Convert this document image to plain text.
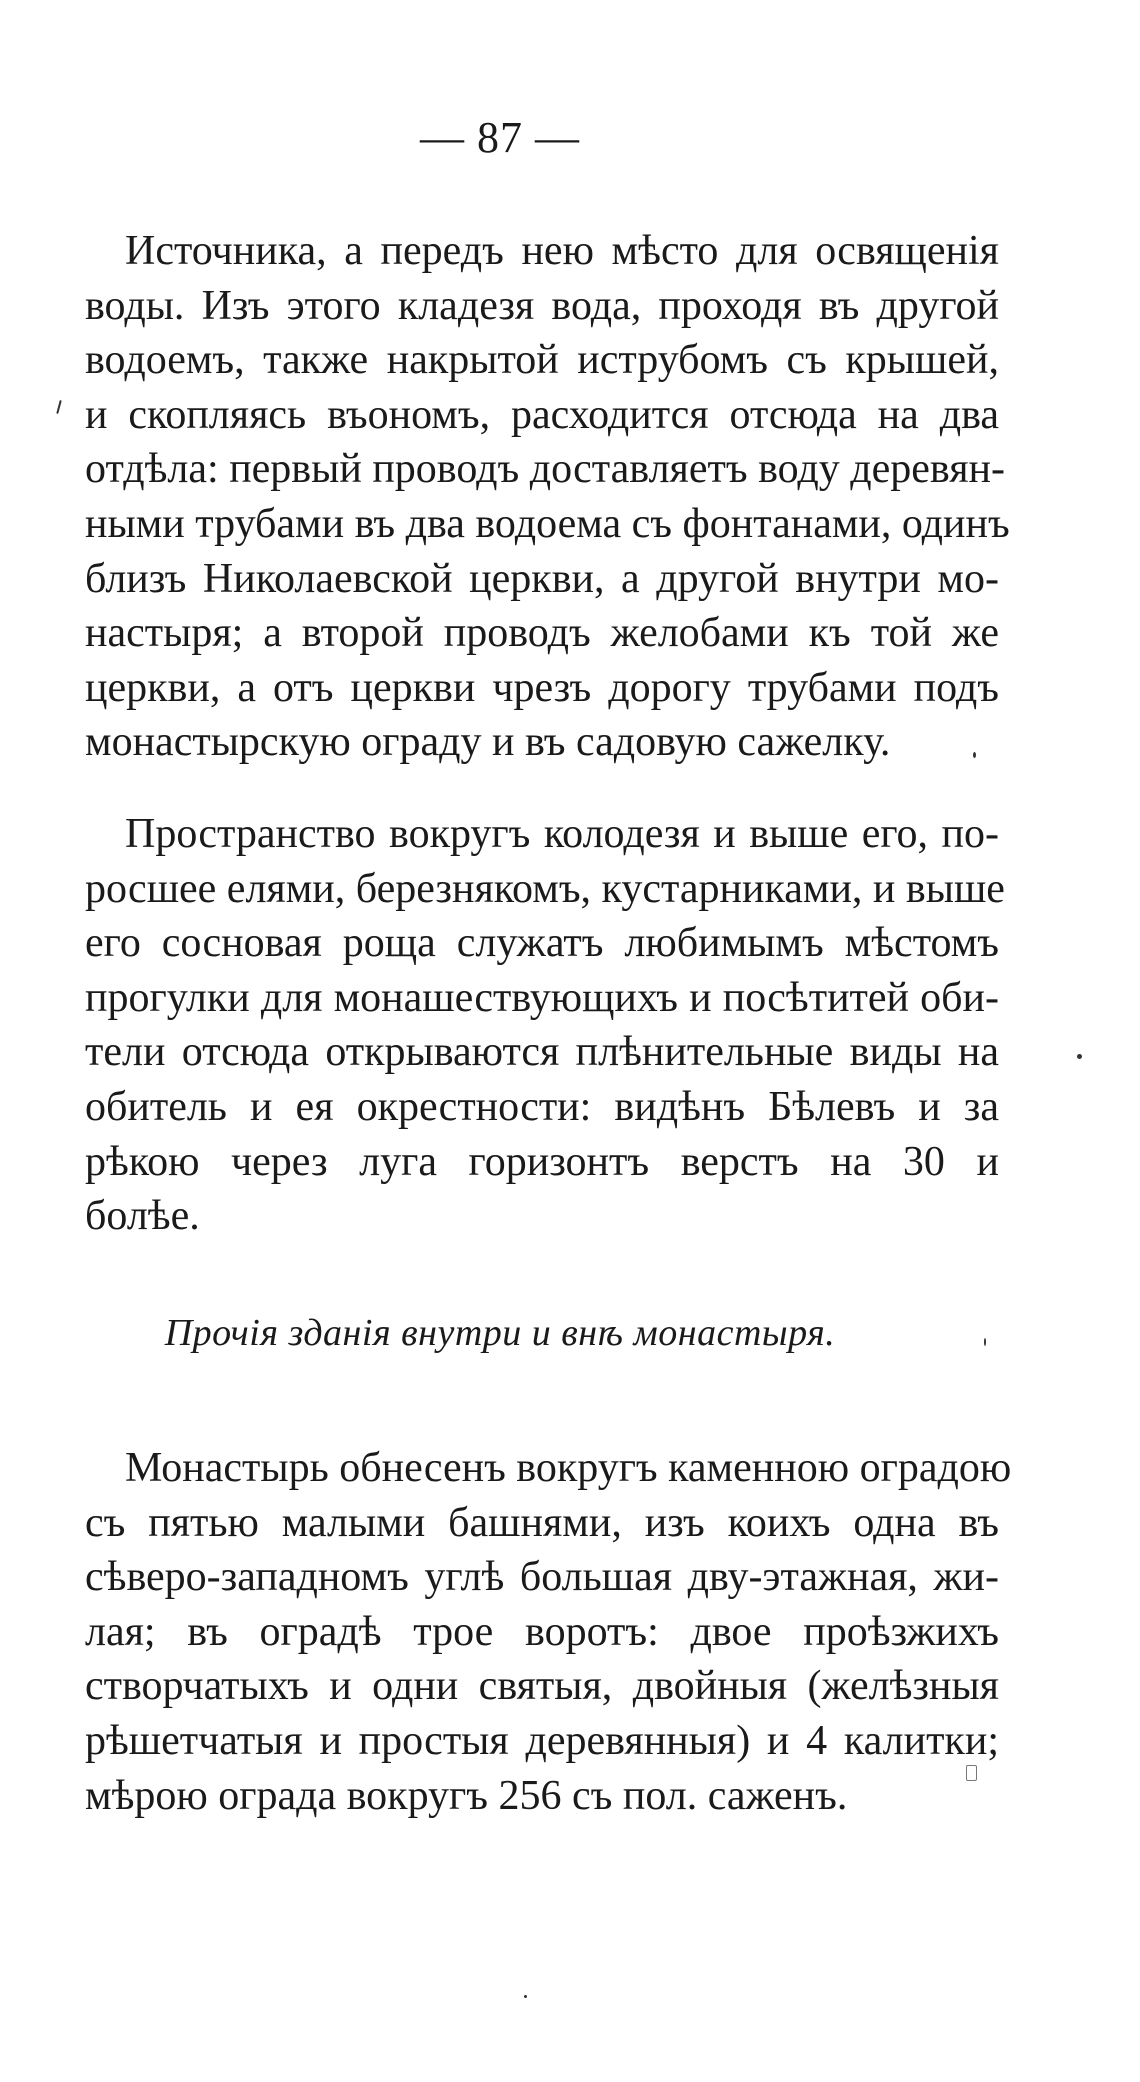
— 87 —
Источника, а передъ нею мѣсто для освященія
воды. Изъ этого кладезя вода, проходя въ другой
водоемъ, также накрытой иструбомъ съ крышей,
и скопляясь въономъ, расходится отсюда на два
отдѣла: первый проводъ доставляетъ воду деревян-
ными трубами въ два водоема съ фонтанами, одинъ
близъ Николаевской церкви, а другой внутри мо-
настыря; а второй проводъ желобами къ той же
церкви, а отъ церкви чрезъ дорогу трубами подъ
монастырскую ограду и въ садовую сажелку.
Пространство вокругъ колодезя и выше его, по-
росшее елями, березнякомъ, кустарниками, и выше
его сосновая роща служатъ любимымъ мѣстомъ
прогулки для монашествующихъ и посѣтитей оби-
тели отсюда открываются плѣнительные виды на
обитель и ея окрестности: видѣнъ Бѣлевъ и за
рѣкою через луга горизонтъ верстъ на 30 и
болѣе.
Прочія зданія внутри и внѣ монастыря.
Монастырь обнесенъ вокругъ каменною оградою
съ пятью малыми башнями, изъ коихъ одна въ
сѣверо-западномъ углѣ большая дву-этажная, жи-
лая; въ оградѣ трое воротъ: двое проѣзжихъ
створчатыхъ и одни святыя, двойныя (желѣзныя
рѣшетчатыя и простыя деревянныя) и 4 калитки;
мѣрою ограда вокругъ 256 съ пол. саженъ.
